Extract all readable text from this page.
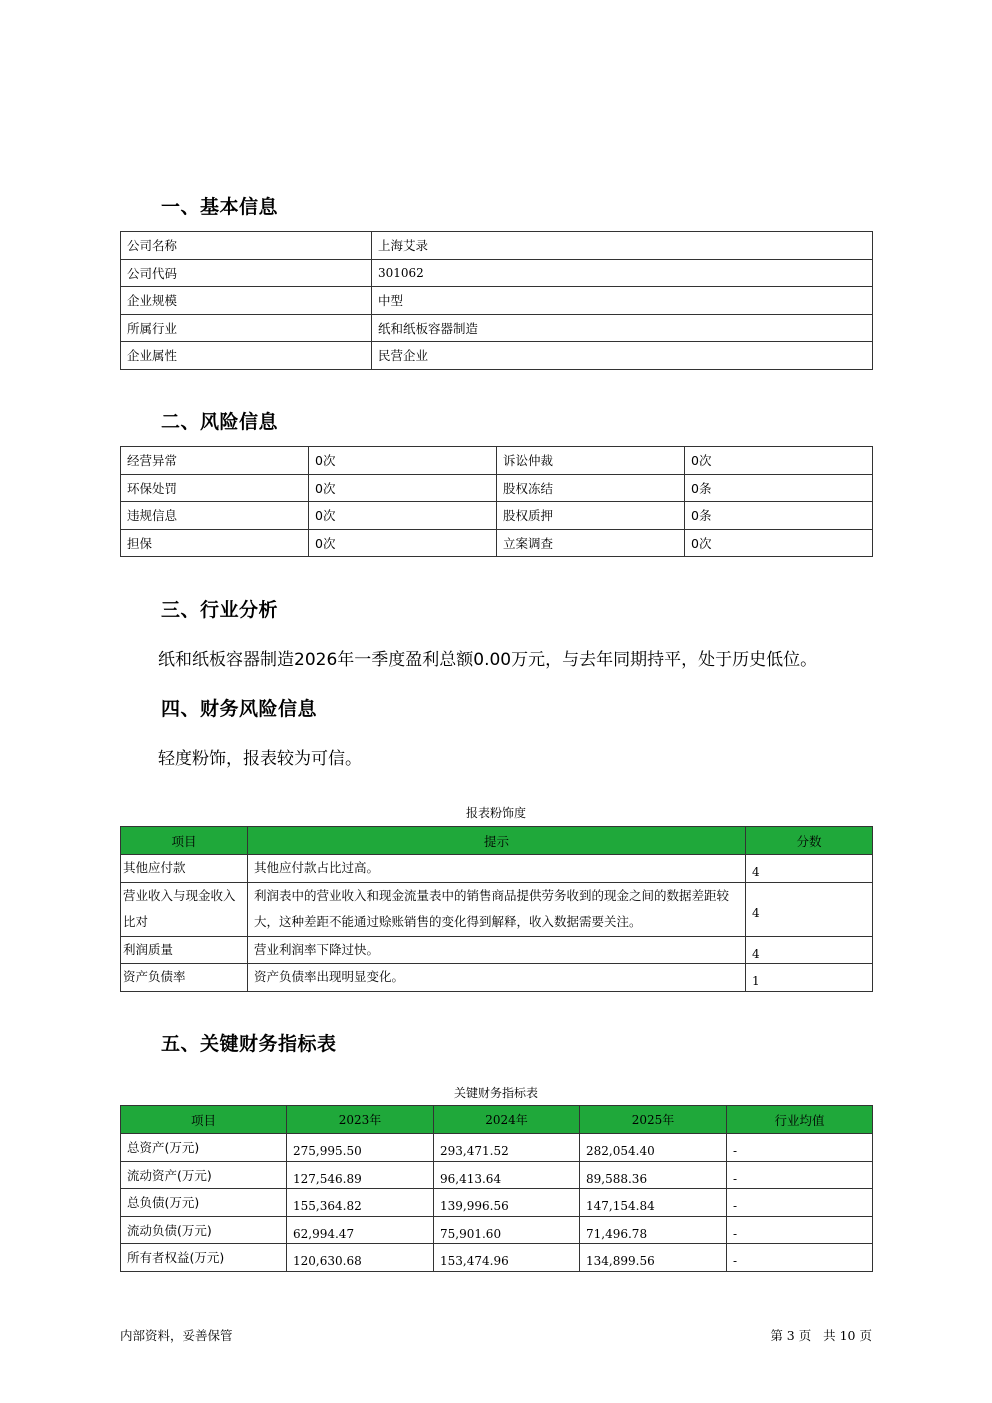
一、基本信息
公司名称	上海艾录
公司代码	301062
企业规模	中型
所属行业	纸和纸板容器制造
企业属性	民营企业
二、风险信息
经营异常	0次	诉讼仲裁	0次
环保处罚	0次	股权冻结	0条
违规信息	0次	股权质押	0条
担保	0次	立案调查	0次
三、行业分析
纸和纸板容器制造2026年一季度盈利总额0.00万元，与去年同期持平，处于历史低位。
四、财务风险信息
轻度粉饰，报表较为可信。
报表粉饰度
项目	提示	分数
其他应付款	其他应付款占比过高。	4
营业收入与现金收入比对	利润表中的营业收入和现金流量表中的销售商品提供劳务收到的现金之间的数据差距较大，这种差距不能通过赊账销售的变化得到解释，收入数据需要关注。	4
利润质量	营业利润率下降过快。	4
资产负债率	资产负债率出现明显变化。	1
五、关键财务指标表
关键财务指标表
项目	2023年	2024年	2025年	行业均值
总资产(万元)	275,995.50	293,471.52	282,054.40	-
流动资产(万元)	127,546.89	96,413.64	89,588.36	-
总负债(万元)	155,364.82	139,996.56	147,154.84	-
流动负债(万元)	62,994.47	75,901.60	71,496.78	-
所有者权益(万元)	120,630.68	153,474.96	134,899.56	-
内部资料，妥善保管	第 3 页   共 10 页
